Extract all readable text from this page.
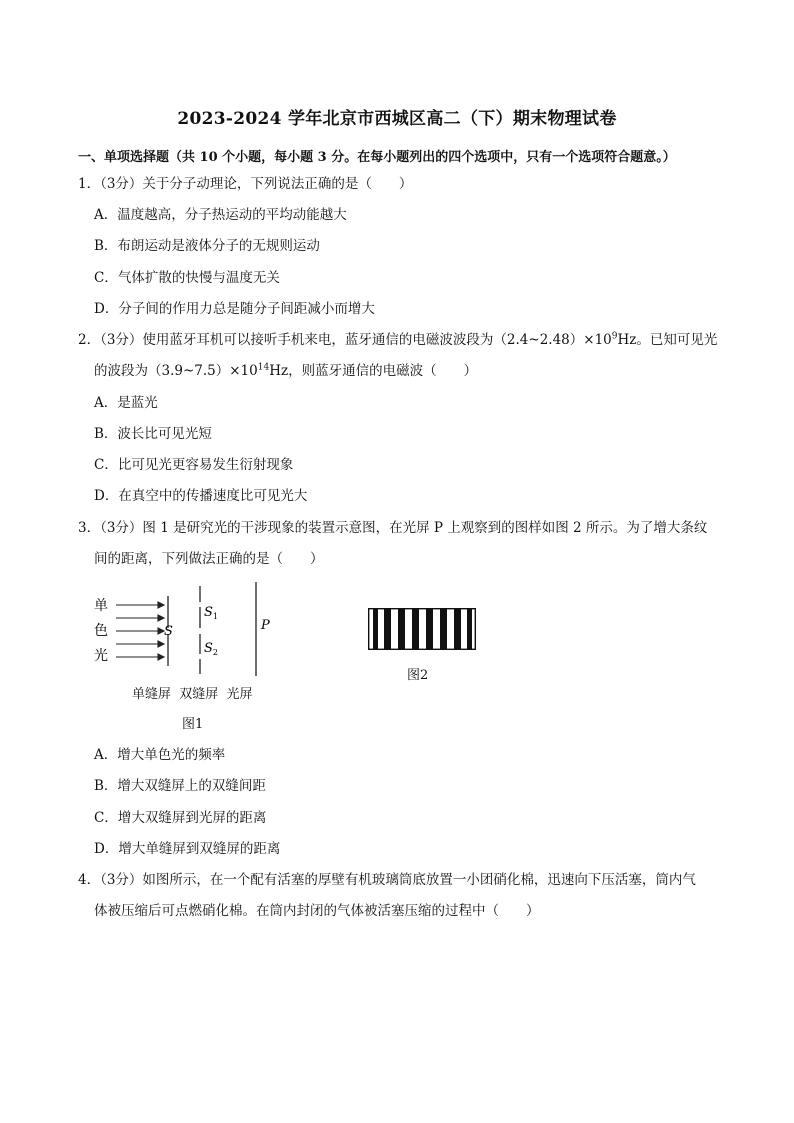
2023-2024 学年北京市西城区高二（下）期末物理试卷
一、单项选择题（共 10 个小题，每小题 3 分。在每小题列出的四个选项中，只有一个选项符合题意。）
1．（3分）关于分子动理论，下列说法正确的是（　　）
A．温度越高，分子热运动的平均动能越大
B．布朗运动是液体分子的无规则运动
C．气体扩散的快慢与温度无关
D．分子间的作用力总是随分子间距减小而增大
2．（3分）使用蓝牙耳机可以接听手机来电，蓝牙通信的电磁波波段为$(2.4\sim 2.48)\times 10^9Hz$。已知可见光
的波段为$(3.9\sim 7.5)\times 10^{14}Hz$，则蓝牙通信的电磁波（　　）
A．是蓝光
B．波长比可见光短
C．比可见光更容易发生衍射现象
D．在真空中的传播速度比可见光大
3．（3分）图 1 是研究光的干涉现象的装置示意图，在光屏 P 上观察到的图样如图 2 所示。为了增大条纹
间的距离，下列做法正确的是（　　）
单
色
光
S
$S_1$
$S_2$
P
单缝屏  双缝屏  光屏
图1
图2
A．增大单色光的频率
B．增大双缝屏上的双缝间距
C．增大双缝屏到光屏的距离
D．增大单缝屏到双缝屏的距离
4．（3分）如图所示，在一个配有活塞的厚壁有机玻璃筒底放置一小团硝化棉，迅速向下压活塞，筒内气
体被压缩后可点燃硝化棉。在筒内封闭的气体被活塞压缩的过程中（　　）
